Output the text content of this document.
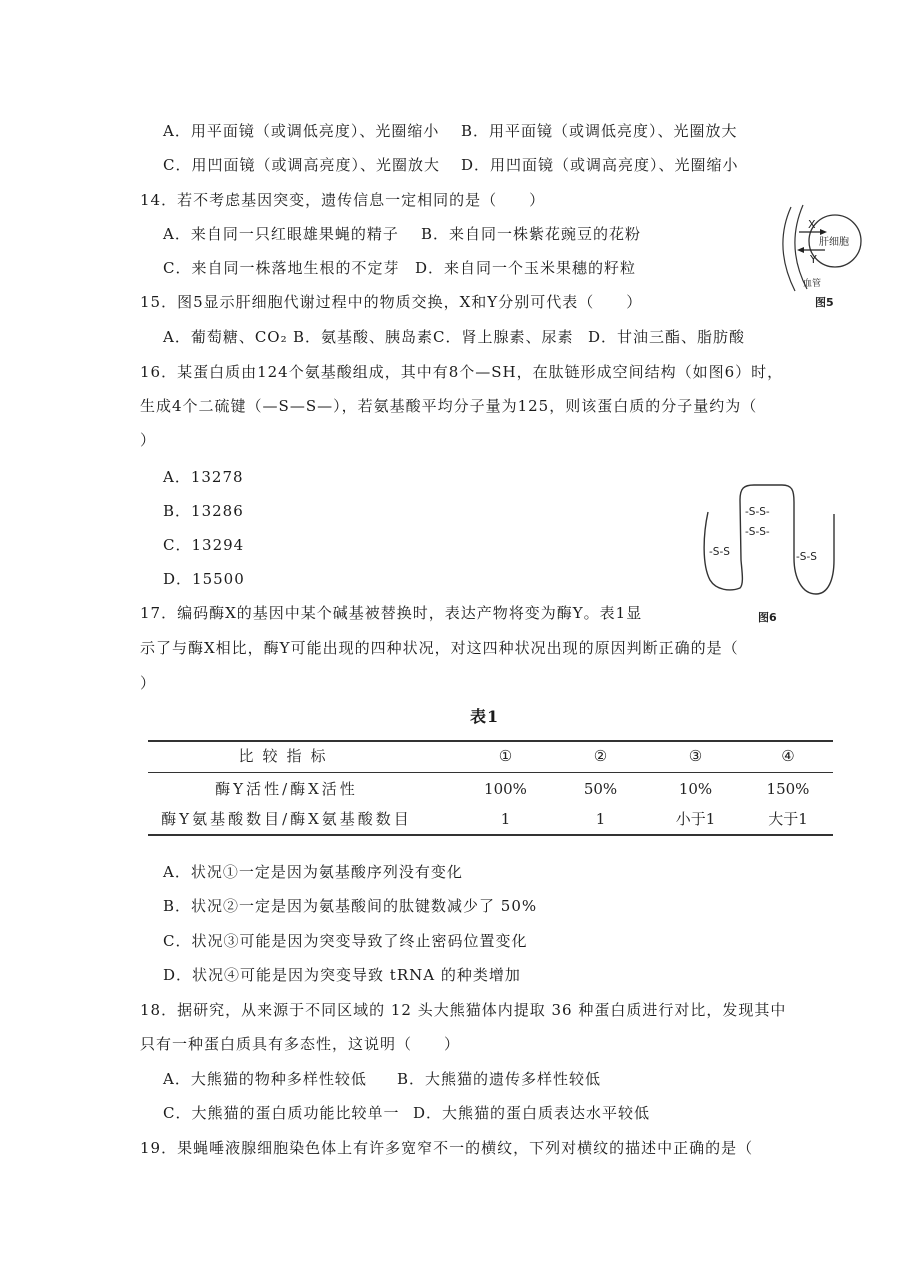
A．用平面镜（或调低亮度）、光圈缩小 B．用平面镜（或调低亮度）、光圈放大
C．用凹面镜（或调高亮度）、光圈放大 D．用凹面镜（或调高亮度）、光圈缩小
14．若不考虑基因突变，遗传信息一定相同的是（　　）
A．来自同一只红眼雄果蝇的精子 B．来自同一株紫花豌豆的花粉
C．来自同一株落地生根的不定芽 D．来自同一个玉米果穗的籽粒
X
Y
肝细胞
血管
图5
15．图5显示肝细胞代谢过程中的物质交换，X和Y分别可代表（　　）
A．葡萄糖、CO₂ B．氨基酸、胰岛素 C．肾上腺素、尿素 D．甘油三酯、脂肪酸
16．某蛋白质由124个氨基酸组成，其中有8个—SH，在肽链形成空间结构（如图6）时，
生成4个二硫键（—S—S—），若氨基酸平均分子量为125，则该蛋白质的分子量约为（
）
A．13278
B．13286
C．13294
D．15500
-S-S
-S-S-
-S-S-
-S-S
图6
17．编码酶X的基因中某个碱基被替换时，表达产物将变为酶Y。表1显
示了与酶X相比，酶Y可能出现的四种状况，对这四种状况出现的原因判断正确的是（
）
表1
比较指标	①	②	③	④
酶Y活性/酶X活性	100%	50%	10%	150%
酶Y氨基酸数目/酶X氨基酸数目	1	1	小于1	大于1
A．状况①一定是因为氨基酸序列没有变化
B．状况②一定是因为氨基酸间的肽键数减少了 50%
C．状况③可能是因为突变导致了终止密码位置变化
D．状况④可能是因为突变导致 tRNA 的种类增加
18．据研究，从来源于不同区域的 12 头大熊猫体内提取 36 种蛋白质进行对比，发现其中
只有一种蛋白质具有多态性，这说明（　　）
A．大熊猫的物种多样性较低 B．大熊猫的遗传多样性较低
C．大熊猫的蛋白质功能比较单一 D．大熊猫的蛋白质表达水平较低
19．果蝇唾液腺细胞染色体上有许多宽窄不一的横纹，下列对横纹的描述中正确的是（
